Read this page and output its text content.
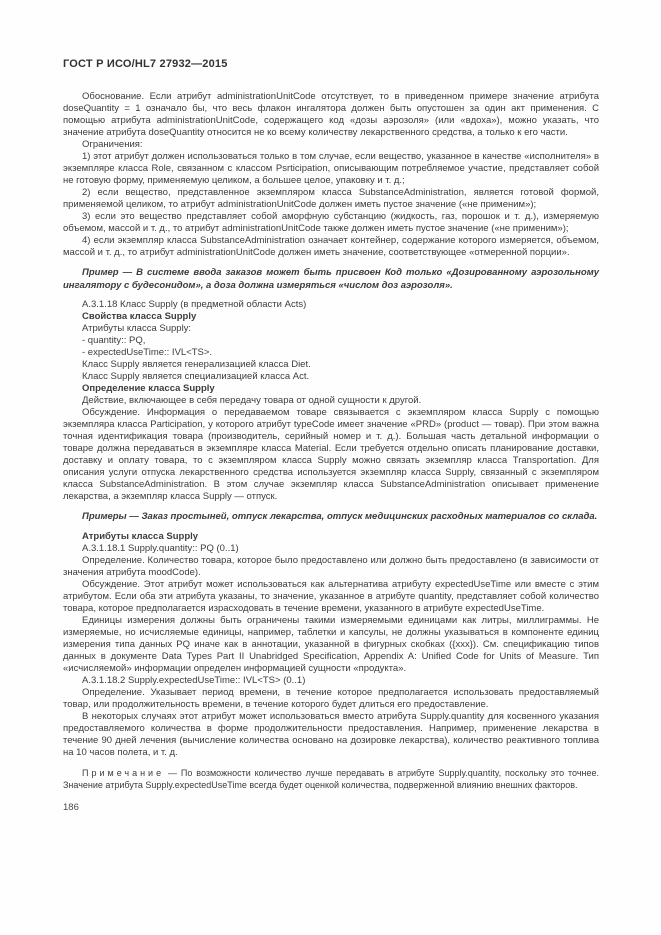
ГОСТ Р ИСО/HL7 27932—2015

Обоснование. Если атрибут administrationUnitCode отсутствует, то в приведенном примере значение атрибута doseQuantity = 1 означало бы, что весь флакон ингалятора должен быть опустошен за один акт применения. С помощью атрибута administrationUnitCode, содержащего код «дозы аэрозоля» (или «вдоха»), можно указать, что значение атрибута doseQuantity относится не ко всему количеству лекарственного средства, а только к его части.

Ограничения:

1) этот атрибут должен использоваться только в том случае, если вещество, указанное в качестве «исполнителя» в экземпляре класса Role, связанном с классом Psrticipation, описывающим потребляемое участие, представляет собой не готовую форму, применяемую целиком, а большее целое, упаковку и т. д.;

2) если вещество, представленное экземпляром класса SubstanceAdministration, является готовой формой, применяемой целиком, то атрибут administrationUnitCode должен иметь пустое значение («не применим»);

3) если это вещество представляет собой аморфную субстанцию (жидкость, газ, порошок и т. д.), измеряемую объемом, массой и т. д., то атрибут administrationUnitCode также должен иметь пустое значение («не применим»);

4) если экземпляр класса SubstanceAdministration означает контейнер, содержание которого измеряется, объемом, массой и т. д., то атрибут administrationUnitCode должен иметь значение, соответствующее «отмеренной порции».

Пример — В системе ввода заказов может быть присвоен Код только «Дозированному аэрозольному ингалятору с будесонидом», а доза должна измеряться «числом доз аэрозоля».

А.3.1.18 Класс Supply (в предметной области Acts)

Свойства класса Supply

Атрибуты класса Supply:

- quantity:: PQ,

- expectedUseTime:: IVL<TS>.

Класс Supply является генерализацией класса Diet.

Класс Supply является специализацией класса Act.

Определение класса Supply

Действие, включающее в себя передачу товара от одной сущности к другой.

Обсуждение. Информация о передаваемом товаре связывается с экземпляром класса Supply с помощью экземпляра класса Participation, у которого атрибут typeCode имеет значение «PRD» (product — товар). При этом важна точная идентификация товара (производитель, серийный номер и т. д.). Большая часть детальной информации о товаре должна передаваться в экземпляре класса Material. Если требуется отдельно описать планирование доставки, доставку и оплату товара, то с экземпляром класса Supply можно связать экземпляр класса Transportation. Для описания услуги отпуска лекарственного средства используется экземпляр класса Supply, связанный с экземпляром класса SubstanceAdministration. В этом случае экземпляр класса SubstanceAdministration описывает применение лекарства, а экземпляр класса Supply — отпуск.

Примеры — Заказ простыней, отпуск лекарства, отпуск медицинских расходных материалов со склада.

Атрибуты класса Supply

А.3.1.18.1 Supply.quantity:: PQ (0..1)

Определение. Количество товара, которое было предоставлено или должно быть предоставлено (в зависимости от значения атрибута moodCode).

Обсуждение. Этот атрибут может использоваться как альтернатива атрибуту expectedUseTime или вместе с этим атрибутом. Если оба эти атрибута указаны, то значение, указанное в атрибуте quantity, представляет собой количество товара, которое предполагается израсходовать в течение времени, указанного в атрибуте expectedUseTime.

Единицы измерения должны быть ограничены такими измеряемыми единицами как литры, миллиграммы. Не измеряемые, но исчисляемые единицы, например, таблетки и капсулы, не должны указываться в компоненте единиц измерения типа данных PQ иначе как в аннотации, указанной в фигурных скобках ({xxx}). См. спецификацию типов данных в документе Data Types Part II Unabridged Specification, Appendix A: Unified Code for Units of Measure. Тип «исчисляемой» информации определен информацией сущности «продукта».

А.3.1.18.2 Supply.expectedUseTime:: IVL<TS> (0..1)

Определение. Указывает период времени, в течение которое предполагается использовать предоставляемый товар, или продолжительность времени, в течение которого будет длиться его предоставление.

В некоторых случаях этот атрибут может использоваться вместо атрибута Supply.quantity для косвенного указания предоставляемого количества в форме продолжительности предоставления. Например, применение лекарства в течение 90 дней лечения (вычисление количества основано на дозировке лекарства), количество реактивного топлива на 10 часов полета, и т. д.

Примечание — По возможности количество лучше передавать в атрибуте Supply.quantity, поскольку это точнее. Значение атрибута Supply.expectedUseTime всегда будет оценкой количества, подверженной влиянию внешних факторов.

186
